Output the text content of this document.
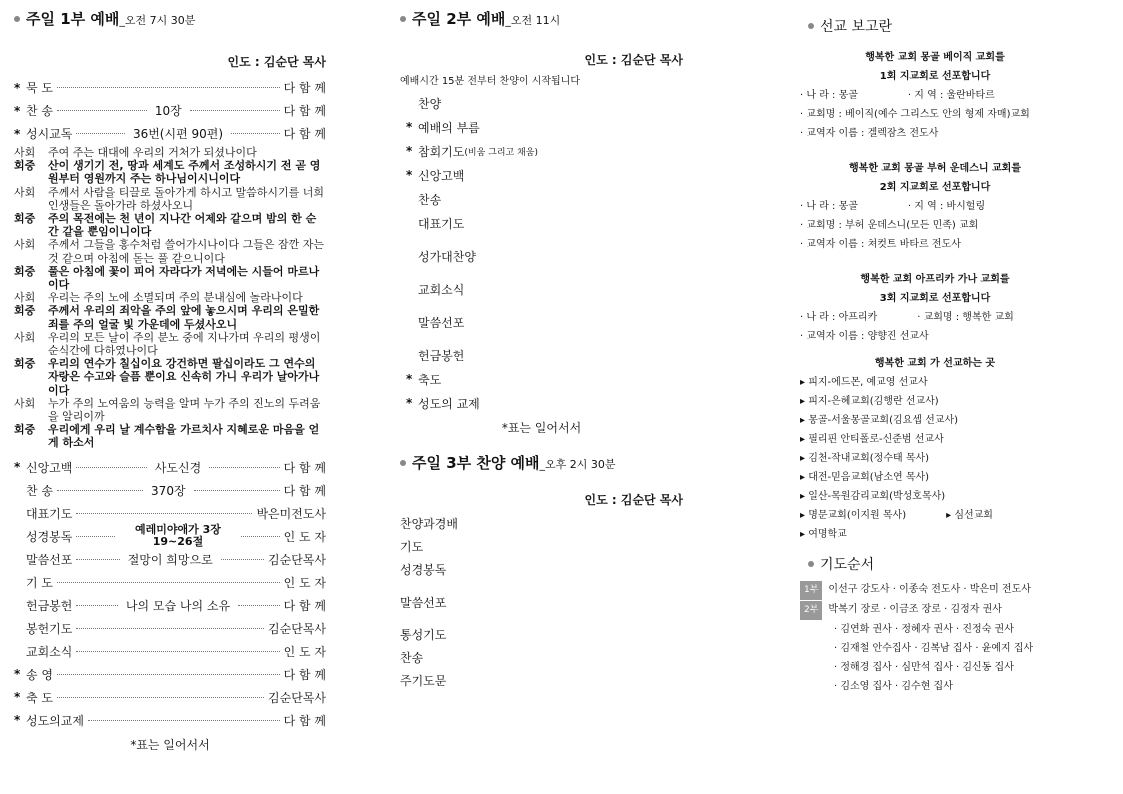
주일 1부 예배_오전 7시 30분
인도 : 김순단 목사
* 묵 도	다 함 께
* 찬 송	10장	다 함 께
* 성시교독	36번(시편 90편)	다 함 께
사회	주여 주는 대대에 우리의 거처가 되셨나이다
회중	산이 생기기 전, 땅과 세계도 주께서 조성하시기 전 곧 영원부터 영원까지 주는 하나님이시니이다
사회	주께서 사람을 티끌로 돌아가게 하시고 말씀하시기를 너희 인생들은 돌아가라 하셨사오니
회중	주의 목전에는 천 년이 지나간 어제와 같으며 밤의 한 순간 같을 뿐임이니이다
사회	주께서 그들을 홍수처럼 쓸어가시나이다 그들은 잠깐 자는 것 같으며 아침에 돋는 풀 같으니이다
회중	풀은 아침에 꽃이 피어 자라다가 저녁에는 시들어 마르나이다
사회	우리는 주의 노에 소멸되며 주의 분내심에 놀라나이다
회중	주께서 우리의 죄악을 주의 앞에 놓으시며 우리의 은밀한 죄를 주의 얼굴 빛 가운데에 두셨사오니
사회	우리의 모든 날이 주의 분노 중에 지나가며 우리의 평생이 순식간에 다하였나이다
회중	우리의 연수가 칠십이요 강건하면 팔십이라도 그 연수의 자랑은 수고와 슬픔 뿐이요 신속히 가니 우리가 날아가나이다
사회	누가 주의 노여움의 능력을 알며 누가 주의 진노의 두려움을 알리이까
회중	우리에게 우리 날 계수함을 가르치사 지혜로운 마음을 얻게 하소서
* 신앙고백	사도신경	다 함 께
찬 송	370장	다 함 께
대표기도	박은미전도사
성경봉독	예레미야애가 3장 19~26절	인 도 자
말씀선포	절망이 희망으로	김순단목사
기 도	인 도 자
헌금봉헌	나의 모습 나의 소유	다 함 께
봉헌기도	김순단목사
교회소식	인 도 자
* 송 영	다 함 께
* 축 도	김순단목사
* 성도의교제	다 함 께
*표는 일어서서
주일 2부 예배_오전 11시
인도 : 김순단 목사
예배시간 15분 전부터 찬양이 시작됩니다
찬양
* 예배의 부름
* 참회기도 (비움 그리고 채움)
* 신앙고백
찬송
대표기도
성가대찬양
교회소식
말씀선포
헌금봉헌
* 축도
* 성도의 교제
*표는 일어서서
주일 3부 찬양 예배_오후 2시 30분
인도 : 김순단 목사
찬양과경배
기도
성경봉독
말씀선포
통성기도
찬송
주기도문
선교 보고란
행복한 교회 몽골 베이직 교회를
1회 지교회로 선포합니다
· 나 라 : 몽골	· 지 역 : 울란바타르
· 교회명 : 베이직(예수 그리스도 안의 형제 자매)교회
· 교역자 이름 : 겔렉잠츠 전도사
행복한 교회 몽골 부허 운데스니 교회를
2회 지교회로 선포합니다
· 나 라 : 몽골	· 지 역 : 바시헐링
· 교회명 : 부허 운데스니(모든 민족) 교회
· 교역자 이름 : 쳐컷트 바타르 전도사
행복한 교회 아프리카 가나 교회를
3회 지교회로 선포합니다
· 나 라 : 아프리카	· 교회명 : 행복한 교회
· 교역자 이름 : 양향진 선교사
행복한 교회 가 선교하는 곳
▸ 피지-에드몬, 예교영 선교사
▸ 피지-은혜교회(김행란 선교사)
▸ 몽골-서울몽골교회(김요셉 선교사)
▸ 필리핀 안티폴로-신준범 선교사
▸ 김천-작내교회(정수태 목사)
▸ 대전-믿음교회(남소연 목사)
▸ 일산-목원감리교회(박성호목사)
▸ 명문교회(이지원 목사)	▸ 심선교회
▸ 여명학교
기도순서
1부 이선구 강도사 · 이종숙 전도사 · 박은미 전도사
2부 박복기 장로 · 이금조 장로 · 김정자 권사
· 김연화 권사 · 정혜자 권사 · 진정숙 권사
· 김재철 안수집사 · 김복남 집사 · 윤예지 집사
· 정해경 집사 · 심만석 집사 · 김신동 집사
· 김소영 집사 · 김수현 집사
